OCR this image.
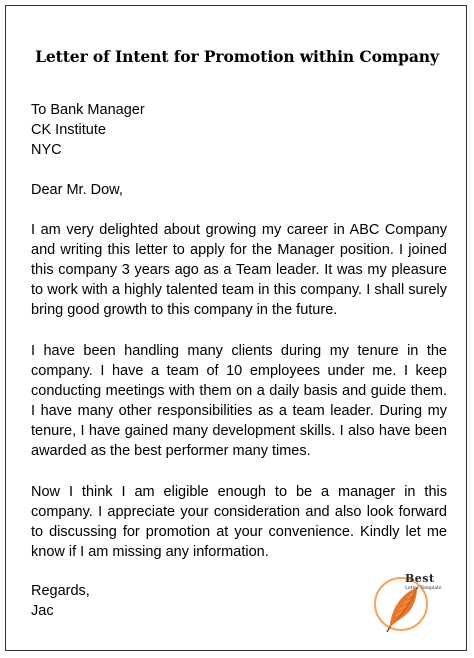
Letter of Intent for Promotion within Company
To Bank Manager
CK Institute
NYC
Dear Mr. Dow,
I am very delighted about growing my career in ABC Company and writing this letter to apply for the Manager position. I joined this company 3 years ago as a Team leader. It was my pleasure to work with a highly talented team in this company. I shall surely bring good growth to this company in the future.
I have been handling many clients during my tenure in the company. I have a team of 10 employees under me. I keep conducting meetings with them on a daily basis and guide them. I have many other responsibilities as a team leader. During my tenure, I have gained many development skills. I also have been awarded as the best performer many times.
Now I think I am eligible enough to be a manager in this company. I appreciate your consideration and also look forward to discussing for promotion at your convenience. Kindly let me know if I am missing any information.
Regards,
Jac
Best
Letter Template
